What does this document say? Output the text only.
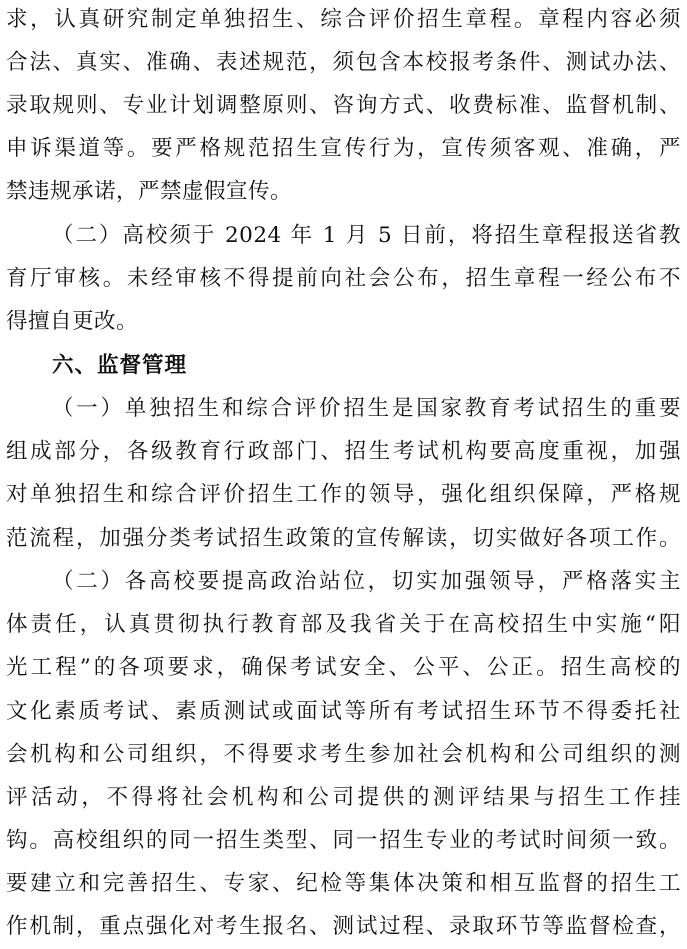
求，认真研究制定单独招生、综合评价招生章程。章程内容必须
合法、真实、准确、表述规范，须包含本校报考条件、测试办法、
录取规则、专业计划调整原则、咨询方式、收费标准、监督机制、
申诉渠道等。要严格规范招生宣传行为，宣传须客观、准确，严
禁违规承诺，严禁虚假宣传。
（二）高校须于 2024 年 1 月 5 日前，将招生章程报送省教
育厅审核。未经审核不得提前向社会公布，招生章程一经公布不
得擅自更改。
六、监督管理
（一）单独招生和综合评价招生是国家教育考试招生的重要
组成部分，各级教育行政部门、招生考试机构要高度重视，加强
对单独招生和综合评价招生工作的领导，强化组织保障，严格规
范流程，加强分类考试招生政策的宣传解读，切实做好各项工作。
（二）各高校要提高政治站位，切实加强领导，严格落实主
体责任，认真贯彻执行教育部及我省关于在高校招生中实施“阳
光工程”的各项要求，确保考试安全、公平、公正。招生高校的
文化素质考试、素质测试或面试等所有考试招生环节不得委托社
会机构和公司组织，不得要求考生参加社会机构和公司组织的测
评活动，不得将社会机构和公司提供的测评结果与招生工作挂
钩。高校组织的同一招生类型、同一招生专业的考试时间须一致。
要建立和完善招生、专家、纪检等集体决策和相互监督的招生工
作机制，重点强化对考生报名、测试过程、录取环节等监督检查，
